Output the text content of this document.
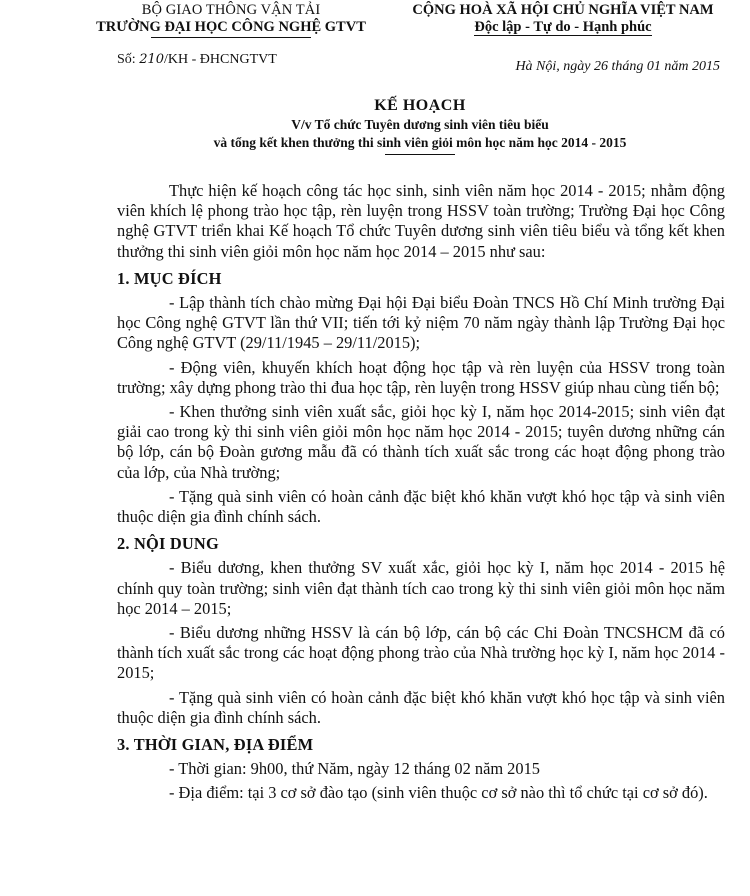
BỘ GIAO THÔNG VẬN TẢI
TRƯỜNG ĐẠI HỌC CÔNG NGHỆ GTVT
CỘNG HOÀ XÃ HỘI CHỦ NGHĨA VIỆT NAM
Độc lập - Tự do - Hạnh phúc
Số: 210/KH - ĐHCNGTVT	Hà Nội, ngày 26 tháng 01 năm 2015
KẾ HOẠCH
V/v Tổ chức Tuyên dương sinh viên tiêu biểu
và tổng kết khen thưởng thi sinh viên giỏi môn học năm học 2014 - 2015

Thực hiện kế hoạch công tác học sinh, sinh viên năm học 2014 - 2015; nhằm động viên khích lệ phong trào học tập, rèn luyện trong HSSV toàn trường; Trường Đại học Công nghệ GTVT triển khai Kế hoạch Tổ chức Tuyên dương sinh viên tiêu biểu và tổng kết khen thưởng thi sinh viên giỏi môn học năm học 2014 – 2015 như sau:

1. MỤC ĐÍCH

- Lập thành tích chào mừng Đại hội Đại biểu Đoàn TNCS Hồ Chí Minh trường Đại học Công nghệ GTVT lần thứ VII; tiến tới kỷ niệm 70 năm ngày thành lập Trường Đại học Công nghệ GTVT (29/11/1945 – 29/11/2015);

- Động viên, khuyến khích hoạt động học tập và rèn luyện của HSSV trong toàn trường; xây dựng phong trào thi đua học tập, rèn luyện trong HSSV giúp nhau cùng tiến bộ;

- Khen thưởng sinh viên xuất sắc, giỏi học kỳ I, năm học 2014-2015; sinh viên đạt giải cao trong kỳ thi sinh viên giỏi môn học năm học 2014 - 2015; tuyên dương những cán bộ lớp, cán bộ Đoàn gương mẫu đã có thành tích xuất sắc trong các hoạt động phong trào của lớp, của Nhà trường;

- Tặng quà sinh viên có hoàn cảnh đặc biệt khó khăn vượt khó học tập và sinh viên thuộc diện gia đình chính sách.

2. NỘI DUNG

- Biểu dương, khen thưởng SV xuất xắc, giỏi học kỳ I, năm học 2014 - 2015 hệ chính quy toàn trường; sinh viên đạt thành tích cao trong kỳ thi sinh viên giỏi môn học năm học 2014 – 2015;

- Biểu dương những HSSV là cán bộ lớp, cán bộ các Chi Đoàn TNCSHCM đã có thành tích xuất sắc trong các hoạt động phong trào của Nhà trường học kỳ I, năm học 2014 - 2015;

- Tặng quà sinh viên có hoàn cảnh đặc biệt khó khăn vượt khó học tập và sinh viên thuộc diện gia đình chính sách.

3. THỜI GIAN, ĐỊA ĐIỂM

- Thời gian: 9h00, thứ Năm, ngày 12 tháng 02 năm 2015

- Địa điểm: tại 3 cơ sở đào tạo (sinh viên thuộc cơ sở nào thì tổ chức tại cơ sở đó).
